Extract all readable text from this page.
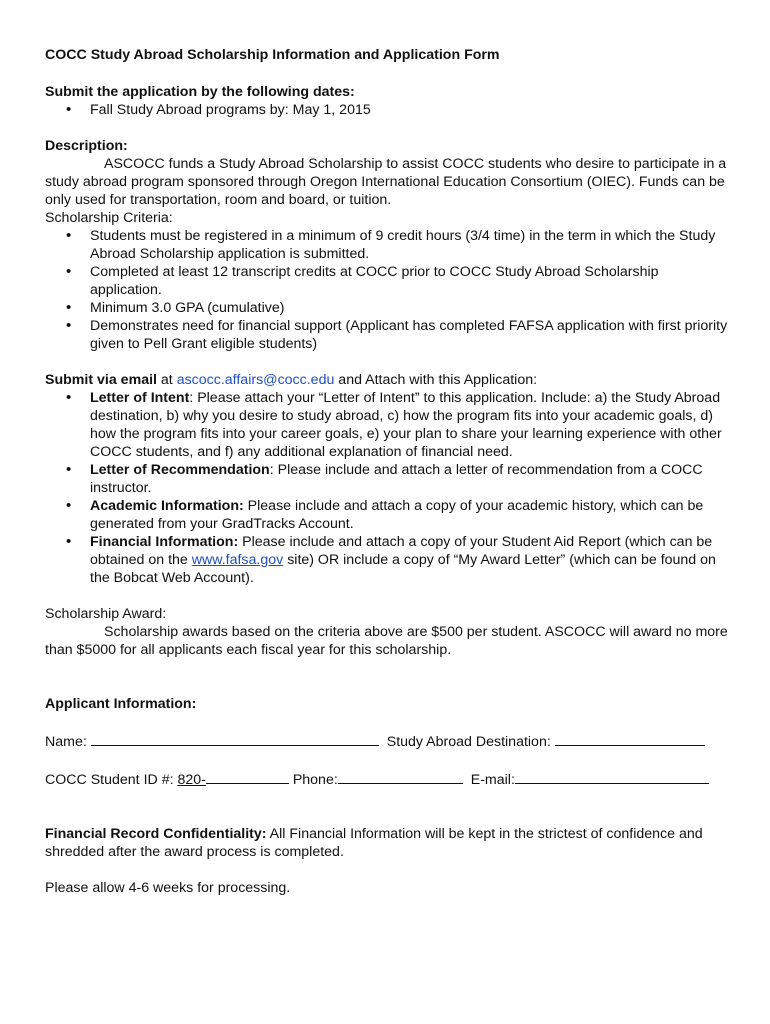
COCC Study Abroad Scholarship Information and Application Form
Submit the application by the following dates:
• Fall Study Abroad programs by: May 1, 2015
Description:
ASCOCC funds a Study Abroad Scholarship to assist COCC students who desire to participate in a study abroad program sponsored through Oregon International Education Consortium (OIEC). Funds can be only used for transportation, room and board, or tuition.
Scholarship Criteria:
• Students must be registered in a minimum of 9 credit hours (3/4 time) in the term in which the Study Abroad Scholarship application is submitted.
• Completed at least 12 transcript credits at COCC prior to COCC Study Abroad Scholarship application.
• Minimum 3.0 GPA (cumulative)
• Demonstrates need for financial support (Applicant has completed FAFSA application with first priority given to Pell Grant eligible students)
Submit via email at ascocc.affairs@cocc.edu and Attach with this Application:
• Letter of Intent: Please attach your “Letter of Intent” to this application. Include: a) the Study Abroad destination, b) why you desire to study abroad, c) how the program fits into your academic goals, d) how the program fits into your career goals, e) your plan to share your learning experience with other COCC students, and f) any additional explanation of financial need.
• Letter of Recommendation: Please include and attach a letter of recommendation from a COCC instructor.
• Academic Information: Please include and attach a copy of your academic history, which can be generated from your GradTracks Account.
• Financial Information: Please include and attach a copy of your Student Aid Report (which can be obtained on the www.fafsa.gov site) OR include a copy of “My Award Letter” (which can be found on the Bobcat Web Account).
Scholarship Award:
Scholarship awards based on the criteria above are $500 per student. ASCOCC will award no more than $5000 for all applicants each fiscal year for this scholarship.
Applicant Information:
Name:	Study Abroad Destination:
COCC Student ID #: 820-	Phone:	E-mail:
Financial Record Confidentiality: All Financial Information will be kept in the strictest of confidence and shredded after the award process is completed.
Please allow 4-6 weeks for processing.
